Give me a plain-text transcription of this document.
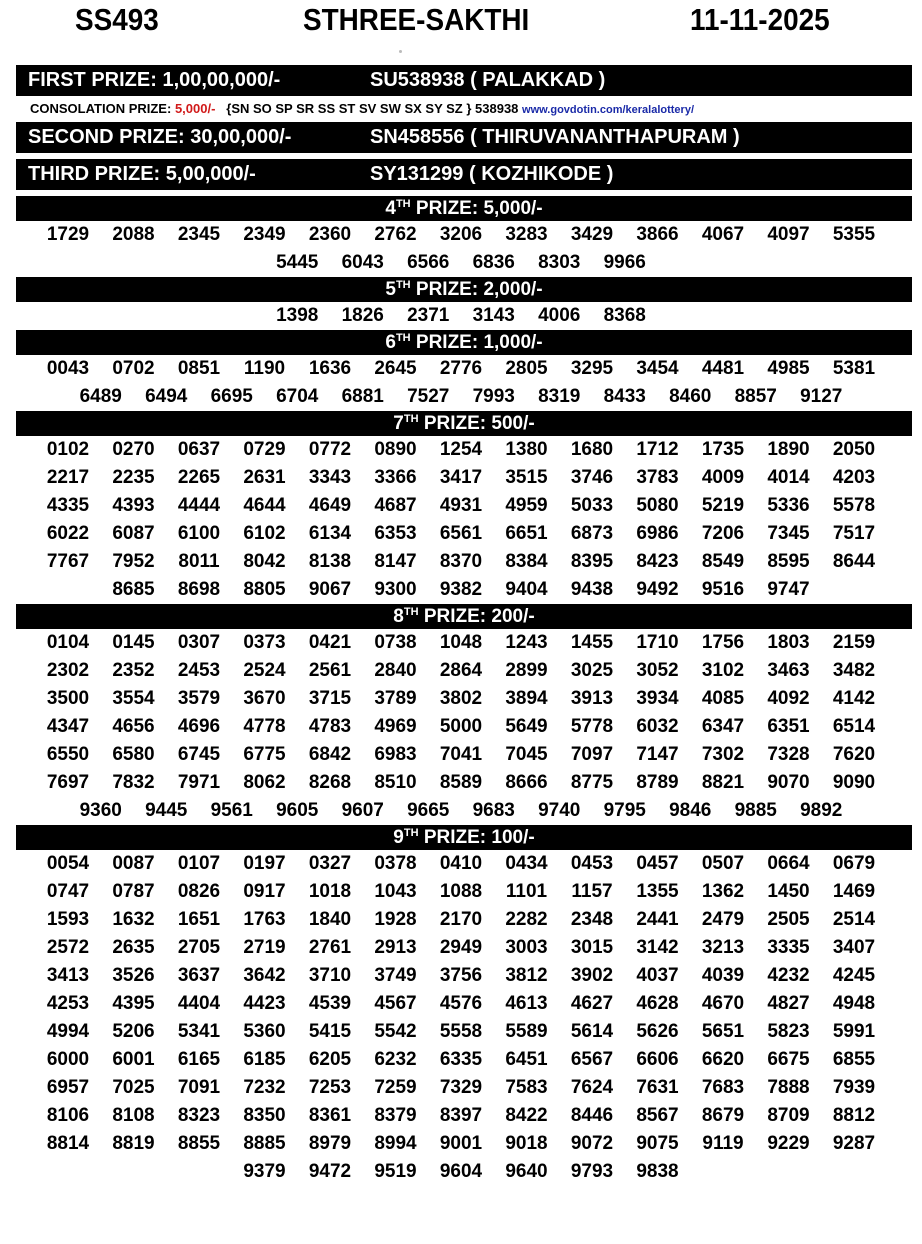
SS493	STHREE-SAKTHI	11-11-2025
FIRST PRIZE: 1,00,00,000/-	SU538938 ( PALAKKAD )
CONSOLATION PRIZE: 5,000/- {SN SO SP SR SS ST SV SW SX SY SZ } 538938 www.govdotin.com/keralalottery/
SECOND PRIZE: 30,00,000/-	SN458556 ( THIRUVANANTHAPURAM )
THIRD PRIZE: 5,00,000/-	SY131299 ( KOZHIKODE )
4TH PRIZE: 5,000/-
1729	2088	2345	2349	2360	2762	3206	3283	3429	3866	4067	4097	5355
5445	6043	6566	6836	8303	9966
5TH PRIZE: 2,000/-
1398	1826	2371	3143	4006	8368
6TH PRIZE: 1,000/-
0043	0702	0851	1190	1636	2645	2776	2805	3295	3454	4481	4985	5381
6489	6494	6695	6704	6881	7527	7993	8319	8433	8460	8857	9127
7TH PRIZE: 500/-
0102	0270	0637	0729	0772	0890	1254	1380	1680	1712	1735	1890	2050
2217	2235	2265	2631	3343	3366	3417	3515	3746	3783	4009	4014	4203
4335	4393	4444	4644	4649	4687	4931	4959	5033	5080	5219	5336	5578
6022	6087	6100	6102	6134	6353	6561	6651	6873	6986	7206	7345	7517
7767	7952	8011	8042	8138	8147	8370	8384	8395	8423	8549	8595	8644
8685	8698	8805	9067	9300	9382	9404	9438	9492	9516	9747
8TH PRIZE: 200/-
0104	0145	0307	0373	0421	0738	1048	1243	1455	1710	1756	1803	2159
2302	2352	2453	2524	2561	2840	2864	2899	3025	3052	3102	3463	3482
3500	3554	3579	3670	3715	3789	3802	3894	3913	3934	4085	4092	4142
4347	4656	4696	4778	4783	4969	5000	5649	5778	6032	6347	6351	6514
6550	6580	6745	6775	6842	6983	7041	7045	7097	7147	7302	7328	7620
7697	7832	7971	8062	8268	8510	8589	8666	8775	8789	8821	9070	9090
9360	9445	9561	9605	9607	9665	9683	9740	9795	9846	9885	9892
9TH PRIZE: 100/-
0054	0087	0107	0197	0327	0378	0410	0434	0453	0457	0507	0664	0679
0747	0787	0826	0917	1018	1043	1088	1101	1157	1355	1362	1450	1469
1593	1632	1651	1763	1840	1928	2170	2282	2348	2441	2479	2505	2514
2572	2635	2705	2719	2761	2913	2949	3003	3015	3142	3213	3335	3407
3413	3526	3637	3642	3710	3749	3756	3812	3902	4037	4039	4232	4245
4253	4395	4404	4423	4539	4567	4576	4613	4627	4628	4670	4827	4948
4994	5206	5341	5360	5415	5542	5558	5589	5614	5626	5651	5823	5991
6000	6001	6165	6185	6205	6232	6335	6451	6567	6606	6620	6675	6855
6957	7025	7091	7232	7253	7259	7329	7583	7624	7631	7683	7888	7939
8106	8108	8323	8350	8361	8379	8397	8422	8446	8567	8679	8709	8812
8814	8819	8855	8885	8979	8994	9001	9018	9072	9075	9119	9229	9287
9379	9472	9519	9604	9640	9793	9838
